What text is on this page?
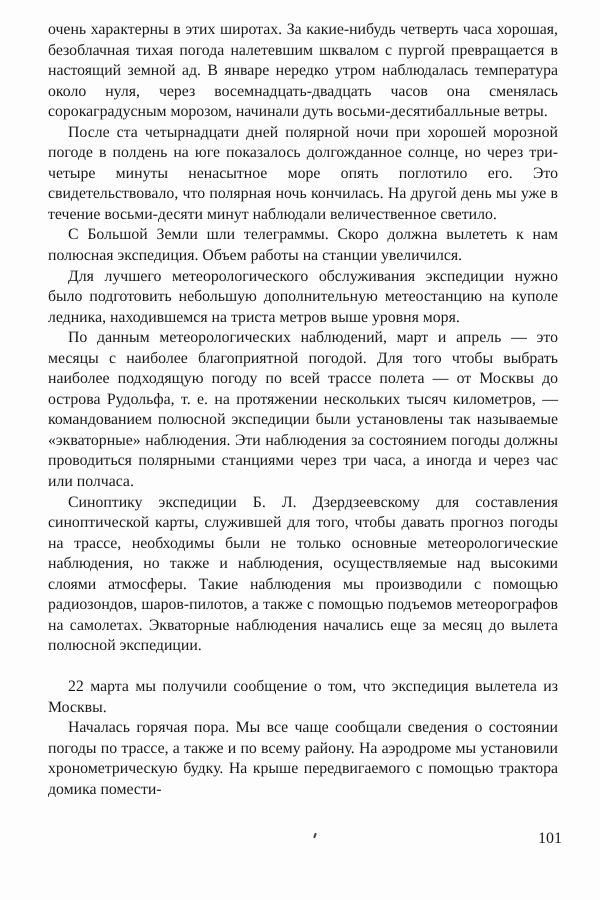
очень характерны в этих широтах. За какие-нибудь четверть часа хорошая, безоблачная тихая погода налетевшим шквалом с пургой превращается в настоящий земной ад. В январе нередко утром наблюдалась температура около нуля, через восемнадцать-двадцать часов она сменялась сорокаградусным морозом, начинали дуть восьми-десятибалльные ветры.

После ста четырнадцати дней полярной ночи при хорошей морозной погоде в полдень на юге показалось долгожданное солнце, но через три-четыре минуты ненасытное море опять поглотило его. Это свидетельствовало, что полярная ночь кончилась. На другой день мы уже в течение восьми-десяти минут наблюдали величественное светило.

С Большой Земли шли телеграммы. Скоро должна вылететь к нам полюсная экспедиция. Объем работы на станции увеличился.

Для лучшего метеорологического обслуживания экспедиции нужно было подготовить небольшую дополнительную метеостанцию на куполе ледника, находившемся на триста метров выше уровня моря.

По данным метеорологических наблюдений, март и апрель — это месяцы с наиболее благоприятной погодой. Для того чтобы выбрать наиболее подходящую погоду по всей трассе полета — от Москвы до острова Рудольфа, т. е. на протяжении нескольких тысяч километров, — командованием полюсной экспедиции были установлены так называемые «экваторные» наблюдения. Эти наблюдения за состоянием погоды должны проводиться полярными станциями через три часа, а иногда и через час или полчаса.

Синоптику экспедиции Б. Л. Дзердзеевскому для составления синоптической карты, служившей для того, чтобы давать прогноз погоды на трассе, необходимы были не только основные метеорологические наблюдения, но также и наблюдения, осуществляемые над высокими слоями атмосферы. Такие наблюдения мы производили с помощью радиозондов, шаров-пилотов, а также с помощью подъемов метеорографов на самолетах. Экваторные наблюдения начались еще за месяц до вылета полюсной экспедиции.

22 марта мы получили сообщение о том, что экспедиция вылетела из Москвы.

Началась горячая пора. Мы все чаще сообщали сведения о состоянии погоды по трассе, а также и по всему району. На аэродроме мы установили хронометрическую будку. На крыше передвигаемого с помощью трактора домика помести-

101
